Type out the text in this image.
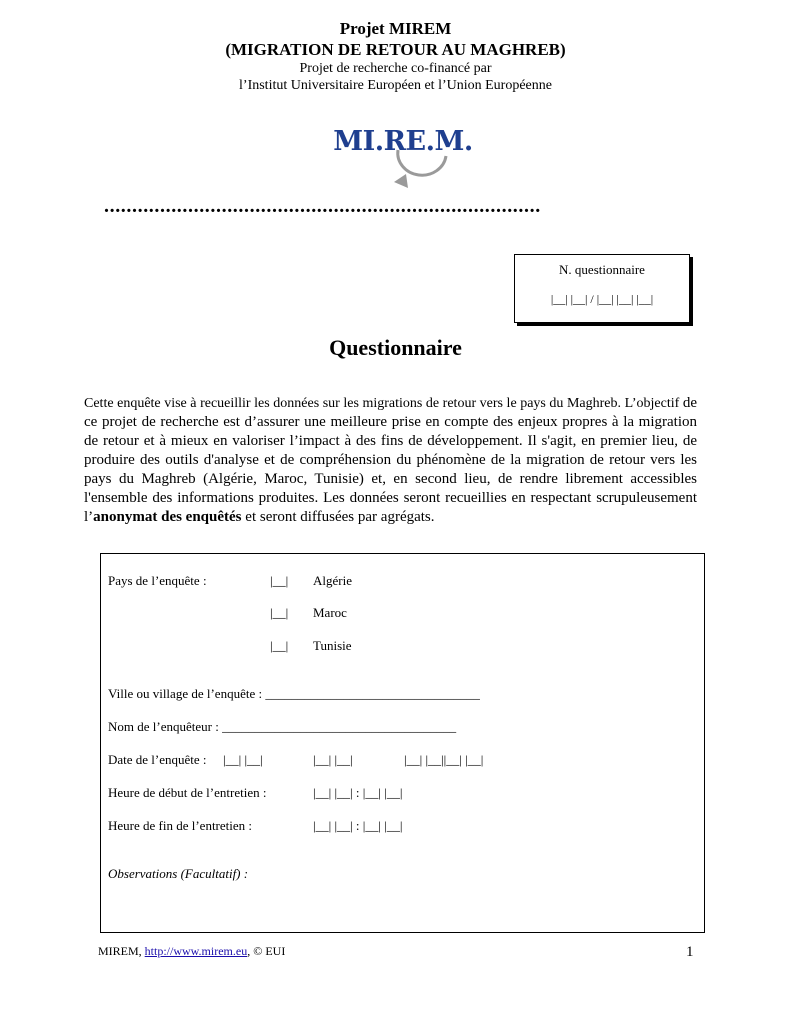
Projet MIREM
(MIGRATION DE RETOUR AU MAGHREB)
Projet de recherche co-financé par
l’Institut Universitaire Européen et l’Union Européenne
MI.RE.M.
..............................................................................
N. questionnaire
|__| |__| / |__| |__| |__|
Questionnaire
Cette enquête vise à recueillir les données sur les migrations de retour vers le pays du Maghreb. L’objectif de ce projet de recherche est d’assurer une meilleure prise en compte des enjeux propres à la migration de retour et à mieux en valoriser l’impact à des fins de développement. Il s'agit, en premier lieu, de produire des outils d'analyse et de compréhension du phénomène de la migration de retour vers les pays du Maghreb (Algérie, Maroc, Tunisie) et, en second lieu, de rendre librement accessibles l'ensemble des informations produites. Les données seront recueillies en respectant scrupuleusement l’anonymat des enquêtés et seront diffusées par agrégats.
Pays de l’enquête :	|__| Algérie
|__| Maroc
|__| Tunisie
Ville ou village de l’enquête : _________________________________
Nom de l’enquêteur : ____________________________________
Date de l’enquête : |__| |__|	|__| |__|	|__| |__||__| |__|
Heure de début de l’entretien :	|__| |__| : |__| |__|
Heure de fin de l’entretien :	|__| |__| : |__| |__|
Observations (Facultatif) :
MIREM, http://www.mirem.eu, © EUI	1
